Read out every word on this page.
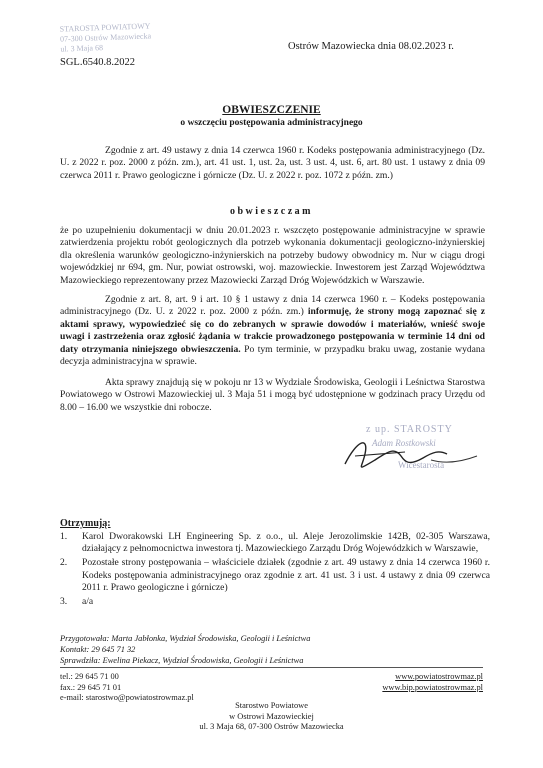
STAROSTA POWIATOWY
07-300 Ostrów Mazowiecka
ul. 3 Maja 68	Ostrów Mazowiecka dnia 08.02.2023 r.
SGL.6540.8.2022
OBWIESZCZENIE
o wszczęciu postępowania administracyjnego
Zgodnie z art. 49 ustawy z dnia 14 czerwca 1960 r. Kodeks postępowania administracyjnego (Dz. U. z 2022 r. poz. 2000 z późn. zm.), art. 41 ust. 1, ust. 2a, ust. 3 ust. 4, ust. 6, art. 80 ust. 1 ustawy z dnia 09 czerwca 2011 r. Prawo geologiczne i górnicze (Dz. U. z 2022 r. poz. 1072 z późn. zm.)
obwieszczam
że po uzupełnieniu dokumentacji w dniu 20.01.2023 r. wszczęto postępowanie administracyjne w sprawie zatwierdzenia projektu robót geologicznych dla potrzeb wykonania dokumentacji geologiczno-inżynierskiej dla określenia warunków geologiczno-inżynierskich na potrzeby budowy obwodnicy m. Nur w ciągu drogi wojewódzkiej nr 694, gm. Nur, powiat ostrowski, woj. mazowieckie. Inwestorem jest Zarząd Województwa Mazowieckiego reprezentowany przez Mazowiecki Zarząd Dróg Wojewódzkich w Warszawie.
Zgodnie z art. 8, art. 9 i art. 10 § 1 ustawy z dnia 14 czerwca 1960 r. – Kodeks postępowania administracyjnego (Dz. U. z 2022 r. poz. 2000 z późn. zm.) informuję, że strony mogą zapoznać się z aktami sprawy, wypowiedzieć się co do zebranych w sprawie dowodów i materiałów, wnieść swoje uwagi i zastrzeżenia oraz zgłosić żądania w trakcie prowadzonego postępowania w terminie 14 dni od daty otrzymania niniejszego obwieszczenia. Po tym terminie, w przypadku braku uwag, zostanie wydana decyzja administracyjna w sprawie.
Akta sprawy znajdują się w pokoju nr 13 w Wydziale Środowiska, Geologii i Leśnictwa Starostwa Powiatowego w Ostrowi Mazowieckiej ul. 3 Maja 51 i mogą być udostępnione w godzinach pracy Urzędu od 8.00 – 16.00 we wszystkie dni robocze.
z up. STAROSTY
Adam Rostkowski
Wicestarosta
Otrzymują:
1.	Karol Dworakowski LH Engineering Sp. z o.o., ul. Aleje Jerozolimskie 142B, 02-305 Warszawa, działający z pełnomocnictwa inwestora tj. Mazowieckiego Zarządu Dróg Wojewódzkich w Warszawie,
2.	Pozostałe strony postępowania – właściciele działek (zgodnie z art. 49 ustawy z dnia 14 czerwca 1960 r. Kodeks postępowania administracyjnego oraz zgodnie z art. 41 ust. 3 i ust. 4 ustawy z dnia 09 czerwca 2011 r. Prawo geologiczne i górnicze)
3.	a/a
Przygotowała: Marta Jabłonka, Wydział Środowiska, Geologii i Leśnictwa
Kontakt: 29 645 71 32
Sprawdziła: Ewelina Piekacz, Wydział Środowiska, Geologii i Leśnictwa
tel.: 29 645 71 00
fax.: 29 645 71 01
e-mail: starostwo@powiatostrowmaz.pl
www.powiatostrowmaz.pl
www.bip.powiatostrowmaz.pl
Starostwo Powiatowe
w Ostrowi Mazowieckiej
ul. 3 Maja 68, 07-300 Ostrów Mazowiecka
